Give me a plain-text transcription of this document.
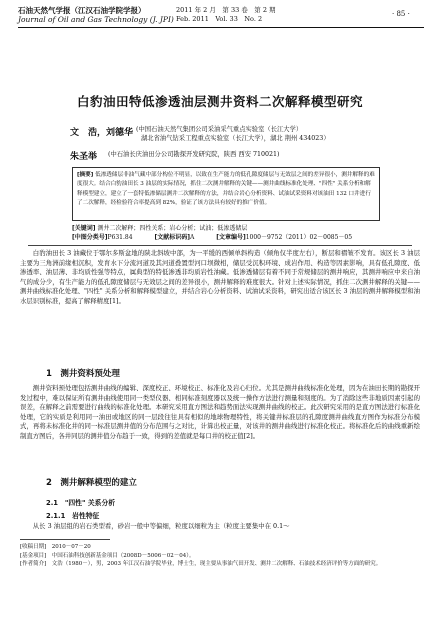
石油天然气学报（江汉石油学院学报）
Journal of Oil and Gas Technology (J. JPI)
2011 年 2 月　第 33 卷　第 2 期
Feb. 2011　Vol. 33　No. 2
· 85 ·
白豹油田特低渗透油层测井资料二次解释模型研究
文　浩，刘德华 (中国石油天然气集团公司采油采气重点实验室（长江大学）
湖北省油气钻采工程重点实验室（长江大学），湖北 荆州 434023）
朱圣举 (中石油长庆油田分公司勘探开发研究院，陕西 西安 710021)
[摘要] 低渗透储层非油气藏中部分构位不明显，以致在生产能力的低孔隙度储层与无效层之间的差异很小，测井解释的难度很大。结合白豹油田长 3 油层的实际情况，抓住二次测井解释的关键——测井曲线标准化处理、"四性" 关系分析和解释模型建立，建立了一套特低渗储层测井二次解释的方法，并结合岩心分析资料、试油试采资料对该油田 132 口井进行了二次解释，经检验符合率提高到 82%，验证了该方法具有较好的推广价值。
[关键词] 测井二次解释；四性关系；岩心分析；试油；低渗透储层
[中图分类号]P631.84	[文献标识码]A	[文章编号]1000－9752（2011）02－0085－05
白豹油田长 3 油藏位于鄂尔多斯盆地的陕北斜坡中部，为一平缓的西倾单斜构造（倾角仅半度左右），断层和褶皱不发育。该区长 3 油层主要为三角洲前缘相沉积，发育水下分流河道及其河道叠置型河口坝微相，储层受沉积环境、成岩作用、构造等因素影响，具有低孔隙度、低渗透率、油层薄、非均质性强等特点，属典型的特低渗透非均质岩性油藏。低渗透储层有着不同于常规储层的测井响应，其测井响应中来自油气的成分少，有生产能力的低孔隙度储层与无效层之间的差异很小，测井解释的难度很大。针对上述实际情况，抓住二次测井解释的关键——测井曲线标准化处理、"四性" 关系分析和解释模型建立，并结合岩心分析资料、试油试采资料，研究出适合该区长 3 油层的测井解释模型和油水层识别标准，提高了解释精度[1]。
1　测井资料预处理
测井资料预处理包括测井曲线的编辑、深度校正、环境校正、标准化及岩心归位。尤其是测井曲线标准化处理，因为在油田长期的勘探开发过程中，难以保证所有测井曲线使用同一类型仪器、相同标准刻度器以及统一操作方法进行测量和刻度的。为了消除这些非地质因素引起的误差，在解释之前需要进行曲线的标准化处理。本研究采用直方图法和趋势面法实现测井曲线的校正。此次研究采用的是直方图法进行标准化处理，它的实质是利用同一油田或地区的同一层段往往具有相似的地球物理特性，将关键井标准层的孔隙度测井曲线直方图作为标准分布模式，再将未标准化井的同一标准层测井值的分布范围与之对比，计算出校正量，对该井的测井曲线进行标准化校正。将标准化后的曲线重新绘制直方图后，各井同层的测井值分布趋于一致，得到的差值就是每口井的校正值[2]。
2　测井解释模型的建立
2.1　"四性" 关系分析
2.1.1　岩性特征
从长 3 油层组的岩石类型看，砂岩一般中等偏细，粒度以细粒为主（粒度主要集中在 0.1～
[收稿日期]　2010－07－20
[基金项目]　中国石油科技创新基金项目（2008D－5006－02－04）。
[作者简介]　文浩（1980－），男，2003 年江汉石油学院毕业，博士生，现主要从事油气田开发、测井二次解释、石油技术经济评价等方面的研究。
